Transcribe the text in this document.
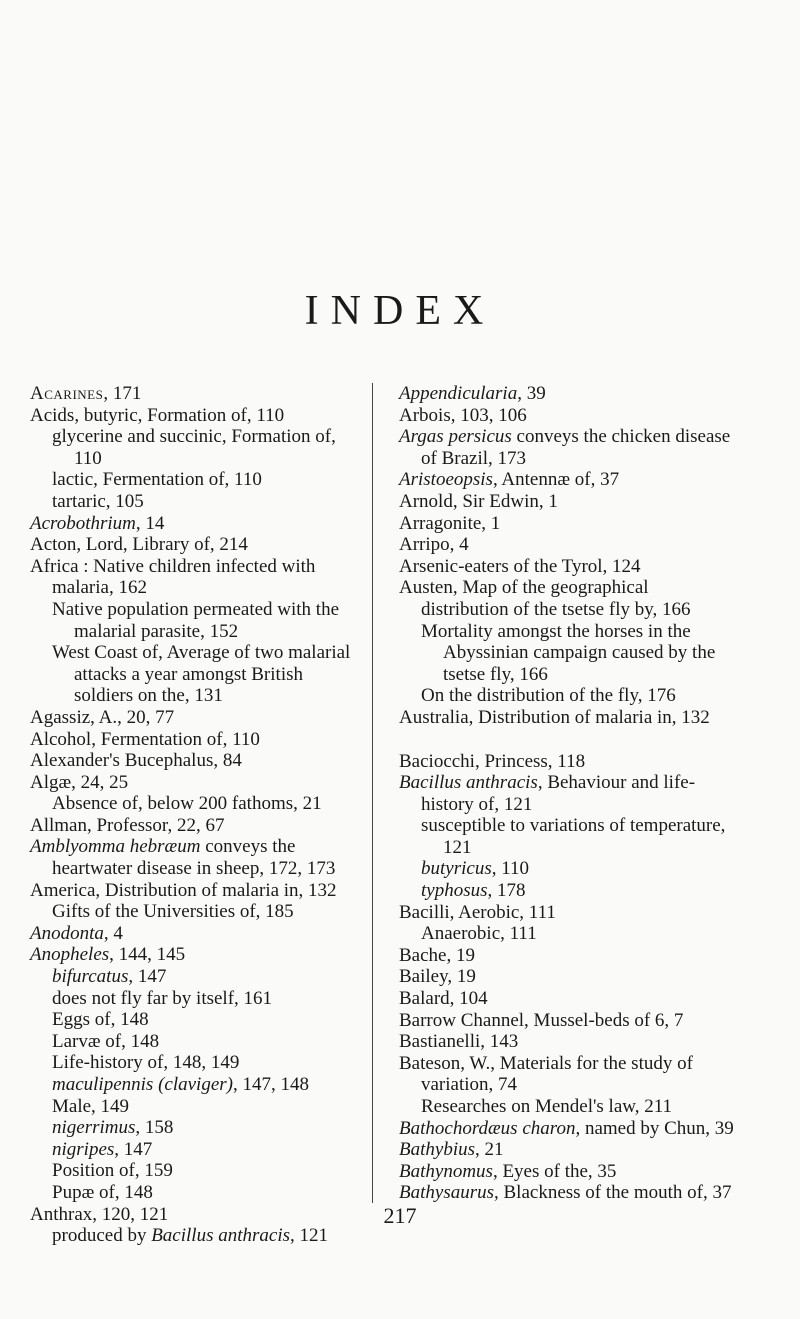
INDEX
Acarines, 171
Acids, butyric, Formation of, 110
glycerine and succinic, Formation of, 110
lactic, Fermentation of, 110
tartaric, 105
Acrobothrium, 14
Acton, Lord, Library of, 214
Africa : Native children infected with malaria, 162
Native population permeated with the malarial parasite, 152
West Coast of, Average of two malarial attacks a year amongst British soldiers on the, 131
Agassiz, A., 20, 77
Alcohol, Fermentation of, 110
Alexander's Bucephalus, 84
Algæ, 24, 25
Absence of, below 200 fathoms, 21
Allman, Professor, 22, 67
Amblyomma hebræum conveys the heartwater disease in sheep, 172, 173
America, Distribution of malaria in, 132
Gifts of the Universities of, 185
Anodonta, 4
Anopheles, 144, 145
bifurcatus, 147
does not fly far by itself, 161
Eggs of, 148
Larvæ of, 148
Life-history of, 148, 149
maculipennis (claviger), 147, 148
Male, 149
nigerrimus, 158
nigripes, 147
Position of, 159
Pupæ of, 148
Anthrax, 120, 121
produced by Bacillus anthracis, 121
Appendicularia, 39
Arbois, 103, 106
Argas persicus conveys the chicken disease of Brazil, 173
Aristoeopsis, Antennæ of, 37
Arnold, Sir Edwin, 1
Arragonite, 1
Arripo, 4
Arsenic-eaters of the Tyrol, 124
Austen, Map of the geographical distribution of the tsetse fly by, 166
Mortality amongst the horses in the Abyssinian campaign caused by the tsetse fly, 166
On the distribution of the fly, 176
Australia, Distribution of malaria in, 132
Baciocchi, Princess, 118
Bacillus anthracis, Behaviour and life-history of, 121
susceptible to variations of temperature, 121
butyricus, 110
typhosus, 178
Bacilli, Aerobic, 111
Anaerobic, 111
Bache, 19
Bailey, 19
Balard, 104
Barrow Channel, Mussel-beds of 6, 7
Bastianelli, 143
Bateson, W., Materials for the study of variation, 74
Researches on Mendel's law, 211
Bathochordæus charon, named by Chun, 39
Bathybius, 21
Bathynomus, Eyes of the, 35
Bathysaurus, Blackness of the mouth of, 37
217
